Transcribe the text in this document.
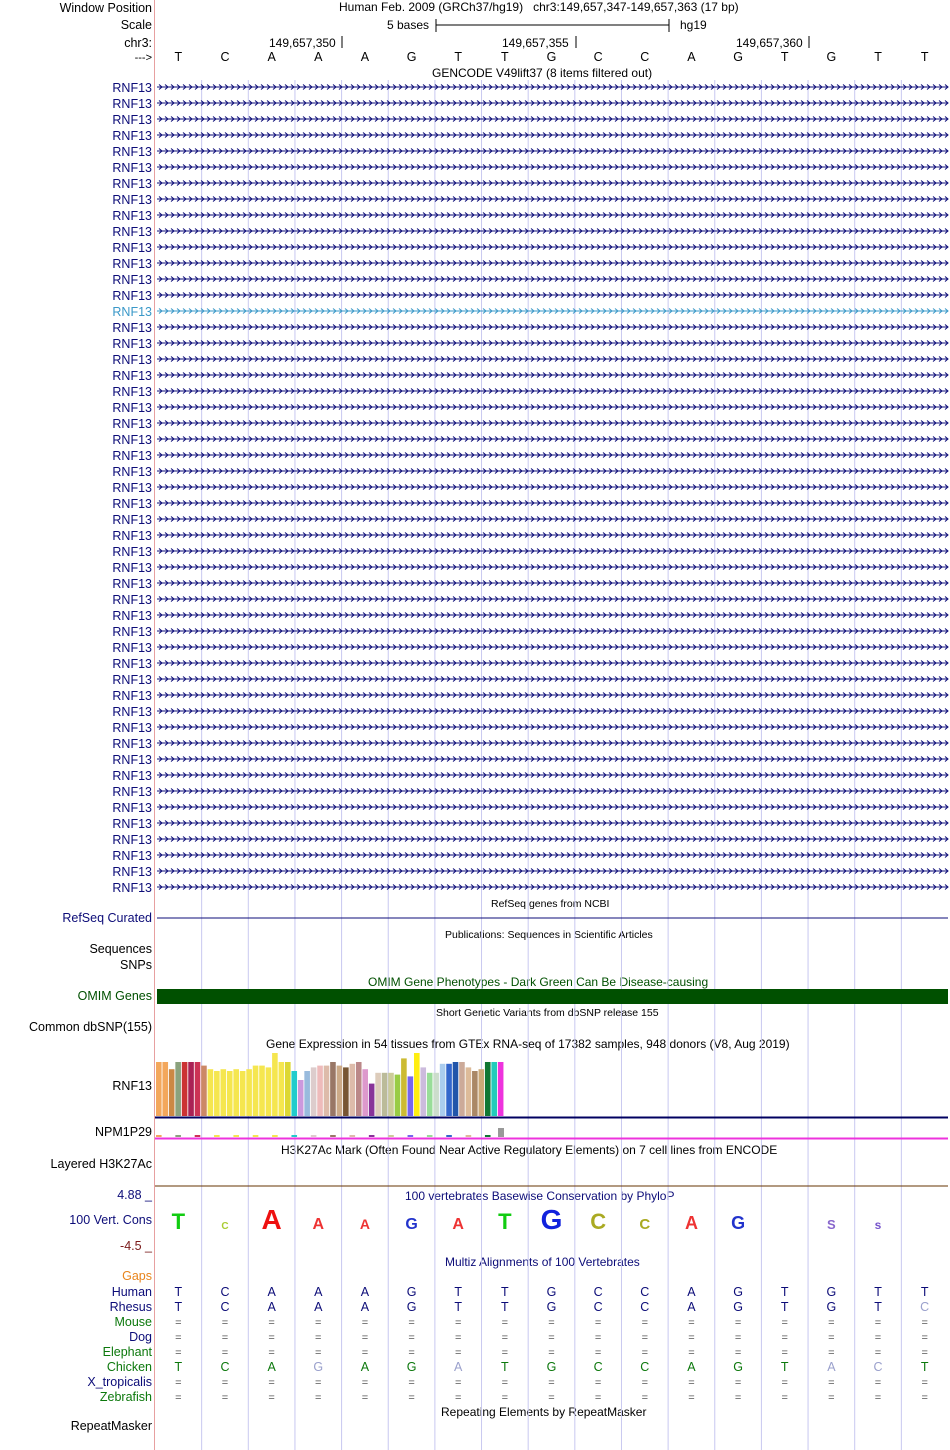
Window Position	Human Feb. 2009 (GRCh37/hg19) chr3:149,657,347-149,657,363 (17 bp)
Scale	5 bases	hg19
chr3:	149,657,350	149,657,355	149,657,360
--->
GENCODE V49lift37 (8 items filtered out)
RefSeq genes from NCBI
RefSeq Curated
Publications: Sequences in Scientific Articles
Sequences
SNPs
OMIM Gene Phenotypes - Dark Green Can Be Disease-causing
OMIM Genes
Short Genetic Variants from dbSNP release 155
Common dbSNP(155)
Gene Expression in 54 tissues from GTEx RNA-seq of 17382 samples, 948 donors (V8, Aug 2019)
RNF13
NPM1P29
H3K27Ac Mark (Often Found Near Active Regulatory Elements) on 7 cell lines from ENCODE
Layered H3K27Ac
100 vertebrates Basewise Conservation by PhyloP
4.88 _
100 Vert. Cons
-4.5 _
Multiz Alignments of 100 Vertebrates
Gaps
Repeating Elements by RepeatMasker
RepeatMasker
T	C	A	A	A	G	T	T	G	C	C	A	G	T	G	T	T
RNF13
RNF13
RNF13
RNF13
RNF13
RNF13
RNF13
RNF13
RNF13
RNF13
RNF13
RNF13
RNF13
RNF13
RNF13
RNF13
RNF13
RNF13
RNF13
RNF13
RNF13
RNF13
RNF13
RNF13
RNF13
RNF13
RNF13
RNF13
RNF13
RNF13
RNF13
RNF13
RNF13
RNF13
RNF13
RNF13
RNF13
RNF13
RNF13
RNF13
RNF13
RNF13
RNF13
RNF13
RNF13
RNF13
RNF13
RNF13
RNF13
RNF13
RNF13
T	C A A	A G A T G C C A G	S	s
Human T	C	A	A	A	G	T	T	G	C	C	A	G	T	G	T	T
Rhesus T	C	A	A	A	G	T	T	G	C	C	A	G	T	G	T	C
Mouse =	=	=	=	=	=	=	=	=	=	=	=	=	=	=	=	=
Dog =	=	=	=	=	=	=	=	=	=	=	=	=	=	=	=	=
Elephant =	=	=	=	=	=	=	=	=	=	=	=	=	=	=	=	=
Chicken T	C	A	G	A	G	A	T	G	C	C	A	G	T	A	C	T
X_tropicalis =	=	=	=	=	=	=	=	=	=	=	=	=	=	=	=	=
Zebrafish =	=	=	=	=	=	=	=	=	=	=	=	=	=	=	=	=
